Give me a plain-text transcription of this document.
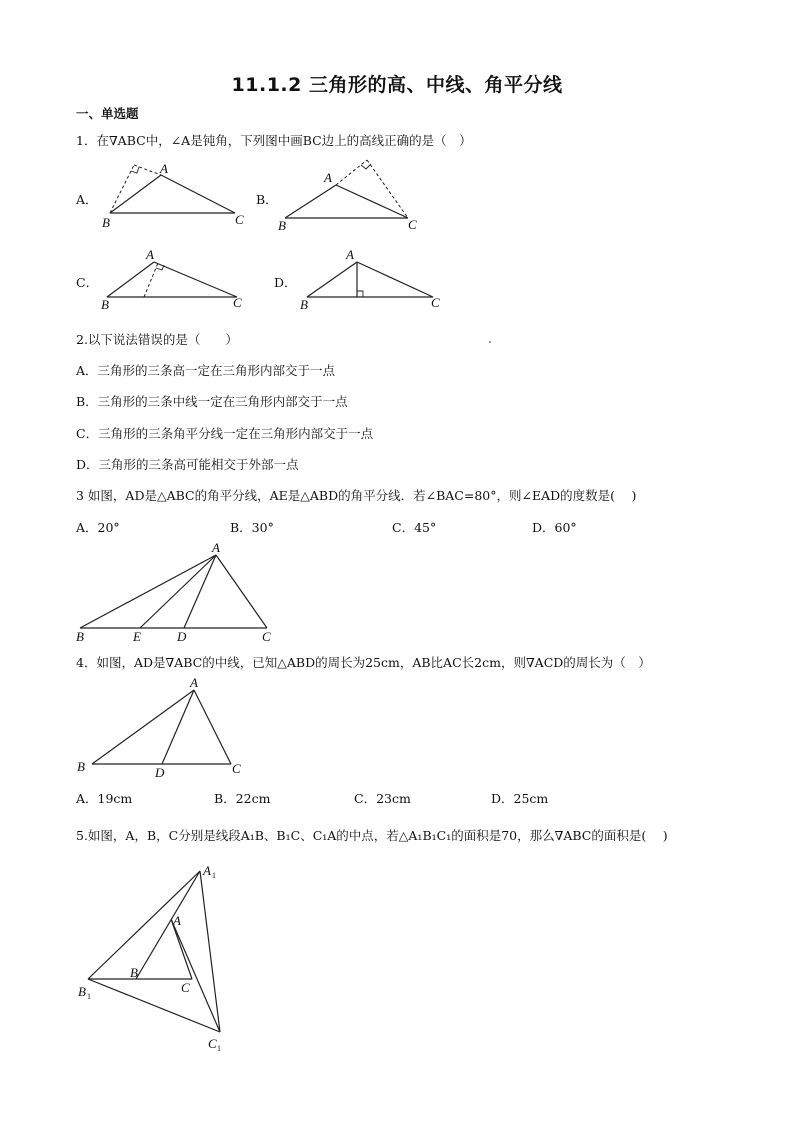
11.1.2 三角形的高、中线、角平分线
一、单选题
1．在∇ABC中，∠A是钝角，下列图中画BC边上的高线正确的是（　）
A．
A
B	C
B．
A
B	C
C．
A
B	C
D．
A
B	C
2.以下说法错误的是（　　）
A．三角形的三条高一定在三角形内部交于一点
B．三角形的三条中线一定在三角形内部交于一点
C．三角形的三条角平分线一定在三角形内部交于一点
D．三角形的三条高可能相交于外部一点
3 如图，AD是△ABC的角平分线，AE是△ABD的角平分线．若∠BAC=80°，则∠EAD的度数是(　 )
A．20°	B．30°	C．45°	D．60°
A
B	E	D	C
4．如图，AD是∇ABC的中线，已知△ABD的周长为25cm，AB比AC长2cm，则∇ACD的周长为（　）
A
B	D	C
A．19cm	B．22cm	C．23cm	D．25cm
5.如图，A，B，C分别是线段A₁B、B₁C、C₁A的中点，若△A₁B₁C₁的面积是70，那么∇ABC的面积是(　 )
A 1
A
B
C
B 1
C 1
